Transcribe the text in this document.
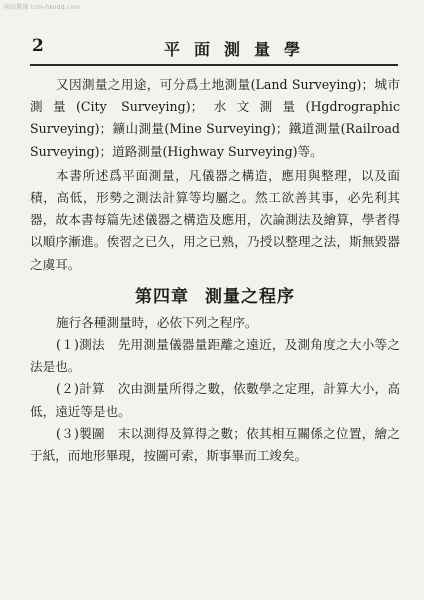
國故數據 tcm-hkodd.com
2	平面測量學

又因測量之用途，可分爲土地測量(Land Surveying)；城市測量(City Surveying)；水文測量(Hgdrographic Surveying)；鑛山測量(Mine Surveying)；鐵道測量(Railroad Surveying)；道路測量(Highway Surveying)等。

本書所述爲平面測量，凡儀器之構造，應用與整理，以及面積，高低，形勢之測法計算等均屬之。然工欲善其事，必先利其器，故本書每篇先述儀器之構造及應用，次論測法及繪算，學者得以順序漸進。俟習之已久，用之已熟，乃授以整理之法，斯無毀器之虞耳。

第四章 測量之程序

施行各種測量時，必依下列之程序。

(１)測法　先用測量儀器量距離之遠近，及測角度之大小等之法是也。

(２)計算　次由測量所得之數，依數學之定理，計算大小，高低，遠近等是也。

(３)製圖　末以測得及算得之數；依其相互關係之位置，繪之于紙，而地形畢現，按圖可索，斯事畢而工竣矣。
